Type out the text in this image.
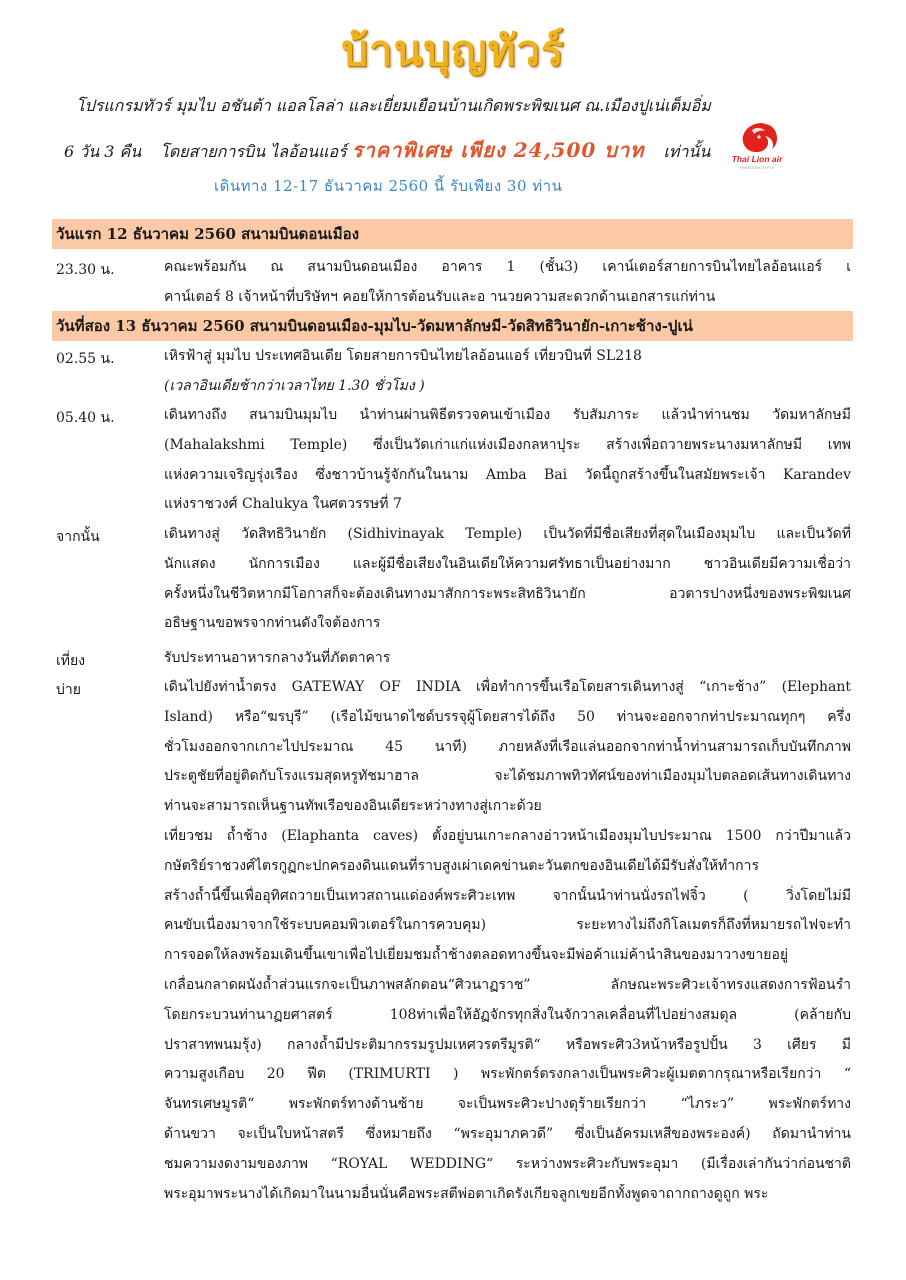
บ้านบุญทัวร์
โปรแกรมทัวร์ มุมไบ อชันต้า แอลโลล่า และเยี่ยมเยือนบ้านเกิดพระพิฆเนศ ณ.เมืองปูเน่เต็มอิ่ม
6 วัน 3 คืน โดยสายการบิน ไลอ้อนแอร์ ราคาพิเศษ เพียง 24,500 บาท เท่านั้น	Thai Lion air
FREEDOM TO FLY
เดินทาง 12-17 ธันวาคม 2560 นี้ รับเพียง 30 ท่าน
วันแรก 12 ธันวาคม 2560 สนามบินดอนเมือง
วันที่สอง 13 ธันวาคม 2560 สนามบินดอนเมือง-มุมไบ-วัดมหาลักษมี-วัดสิทธิวินายัก-เกาะช้าง-ปูเน่
23.30 น.	คณะพร้อมกัน ณ สนามบินดอนเมือง อาคาร 1 (ชั้น3) เคาน์เตอร์สายการบินไทยไลอ้อนแอร์ เ
คาน์เตอร์ 8 เจ้าหน้าที่บริษัทฯ คอยให้การต้อนรับและอ านวยความสะดวกด้านเอกสารแก่ท่าน
02.55 น.	เหิรฟ้าสู่ มุมไบ ประเทศอินเดีย โดยสายการบินไทยไลอ้อนแอร์ เที่ยวบินที่ SL218
(เวลาอินเดียช้ากว่าเวลาไทย 1.30 ชั่วโมง )
05.40 น.	เดินทางถึง สนามบินมุมไบ นำท่านผ่านพิธีตรวจคนเข้าเมือง รับสัมภาระ แล้วนำท่านชม วัดมหาลักษมี
(Mahalakshmi Temple) ซึ่งเป็นวัดเก่าแก่แห่งเมืองกลหาปุระ สร้างเพื่อถวายพระนางมหาลักษมี เทพ
แห่งความเจริญรุ่งเรือง ซึ่งชาวบ้านรู้จักกันในนาม Amba Bai วัดนี้ถูกสร้างขึ้นในสมัยพระเจ้า Karandev
แห่งราชวงศ์ Chalukya ในศตวรรษที่ 7
จากนั้น	เดินทางสู่ วัดสิทธิวินายัก (Sidhivinayak Temple) เป็นวัดที่มีชื่อเสียงที่สุดในเมืองมุมไบ และเป็นวัดที่
นักแสดง นักการเมือง และผู้มีชื่อเสียงในอินเดียให้ความศรัทธาเป็นอย่างมาก ชาวอินเดียมีความเชื่อว่า
ครั้งหนึ่งในชีวิตหากมีโอกาสก็จะต้องเดินทางมาสักการะพระสิทธิวินายัก อวตารปางหนึ่งของพระพิฆเนศ
อธิษฐานขอพรจากท่านดังใจต้องการ
เที่ยง	รับประทานอาหารกลางวันที่ภัตตาคาร
บ่าย	เดินไปยังท่าน้ำตรง GATEWAY OF INDIA เพื่อทำการขึ้นเรือโดยสารเดินทางสู่ “เกาะช้าง” (Elephant
Island) หรือ“ฆรบุรี” (เรือไม้ขนาดไซด์บรรจุผู้โดยสารได้ถึง 50 ท่านจะออกจากท่าประมาณทุกๆ ครึ่ง
ชั่วโมงออกจากเกาะไปประมาณ 45 นาที) ภายหลังที่เรือแล่นออกจากท่าน้ำท่านสามารถเก็บบันทึกภาพ
ประตูชัยที่อยู่ติดกับโรงแรมสุดหรูทัชมาฮาล จะได้ชมภาพทิวทัศน์ของท่าเมืองมุมไบตลอดเส้นทางเดินทาง
ท่านจะสามารถเห็นฐานทัพเรือของอินเดียระหว่างทางสู่เกาะด้วย
เที่ยวชม ถ้ำช้าง (Elaphanta caves) ตั้งอยู่บนเกาะกลางอ่าวหน้าเมืองมุมไบประมาณ 1500 กว่าปีมาแล้ว
กษัตริย์ราชวงศ์ไตรกูฏกะปกครองดินแดนที่ราบสูงเผ่าเดคข่านตะวันตกของอินเดียได้มีรับสั่งให้ทำการ
สร้างถ้ำนี้ขึ้นเพื่ออุทิศถวายเป็นเทวสถานแด่องค์พระศิวะเทพ จากนั้นนำท่านนั่งรถไฟจิ๋ว ( วิ่งโดยไม่มี
คนขับเนื่องมาจากใช้ระบบคอมพิวเตอร์ในการควบคุม) ระยะทางไม่ถึงกิโลเมตรก็ถึงที่หมายรถไฟจะทำ
การจอดให้ลงพร้อมเดินขึ้นเขาเพื่อไปเยี่ยมชมถ้ำช้างตลอดทางขึ้นจะมีพ่อค้าแม่ค้านำสินของมาวางขายอยู่
เกลื่อนกลาดผนังถ้ำส่วนแรกจะเป็นภาพสลักตอน“ศิวนาฏราช” ลักษณะพระศิวะเจ้าทรงแสดงการฟ้อนรำ
โดยกระบวนท่านาฏยศาสตร์ 108ท่าเพื่อให้อัฏจักรทุกสิ่งในจักวาลเคลื่อนที่ไปอย่างสมดุล (คล้ายกับ
ปราสาทพนมรุ้ง) กลางถ้ำมีประติมากรรมรูปมเหศวรตรีมูรติ“ หรือพระศิว3หน้าหรือรูปปั้น 3 เศียร มี
ความสูงเกือบ 20 ฟีต (TRIMURTI ) พระพักตร์ตรงกลางเป็นพระศิวะผู้เมตตากรุณาหรือเรียกว่า “
จันทรเศษมูรติ“ พระพักตร์ทางด้านซ้าย จะเป็นพระศิวะปางดุร้ายเรียกว่า “ไภระว” พระพักตร์ทาง
ด้านขวา จะเป็นใบหน้าสตรี ซึ่งหมายถึง “พระอุมาภควดี” ซึ่งเป็นอัครมเหสีของพระองค์) ถัดมานำท่าน
ชมความงดงามของภาพ “ROYAL WEDDING“ ระหว่างพระศิวะกับพระอุมา (มีเรื่องเล่ากันว่าก่อนชาติ
พระอุมาพระนางได้เกิดมาในนามอื่นนั่นคือพระสตีพ่อตาเกิดรังเกียจลูกเขยอีกทั้งพูดจาถากถางดูถูก พระ
